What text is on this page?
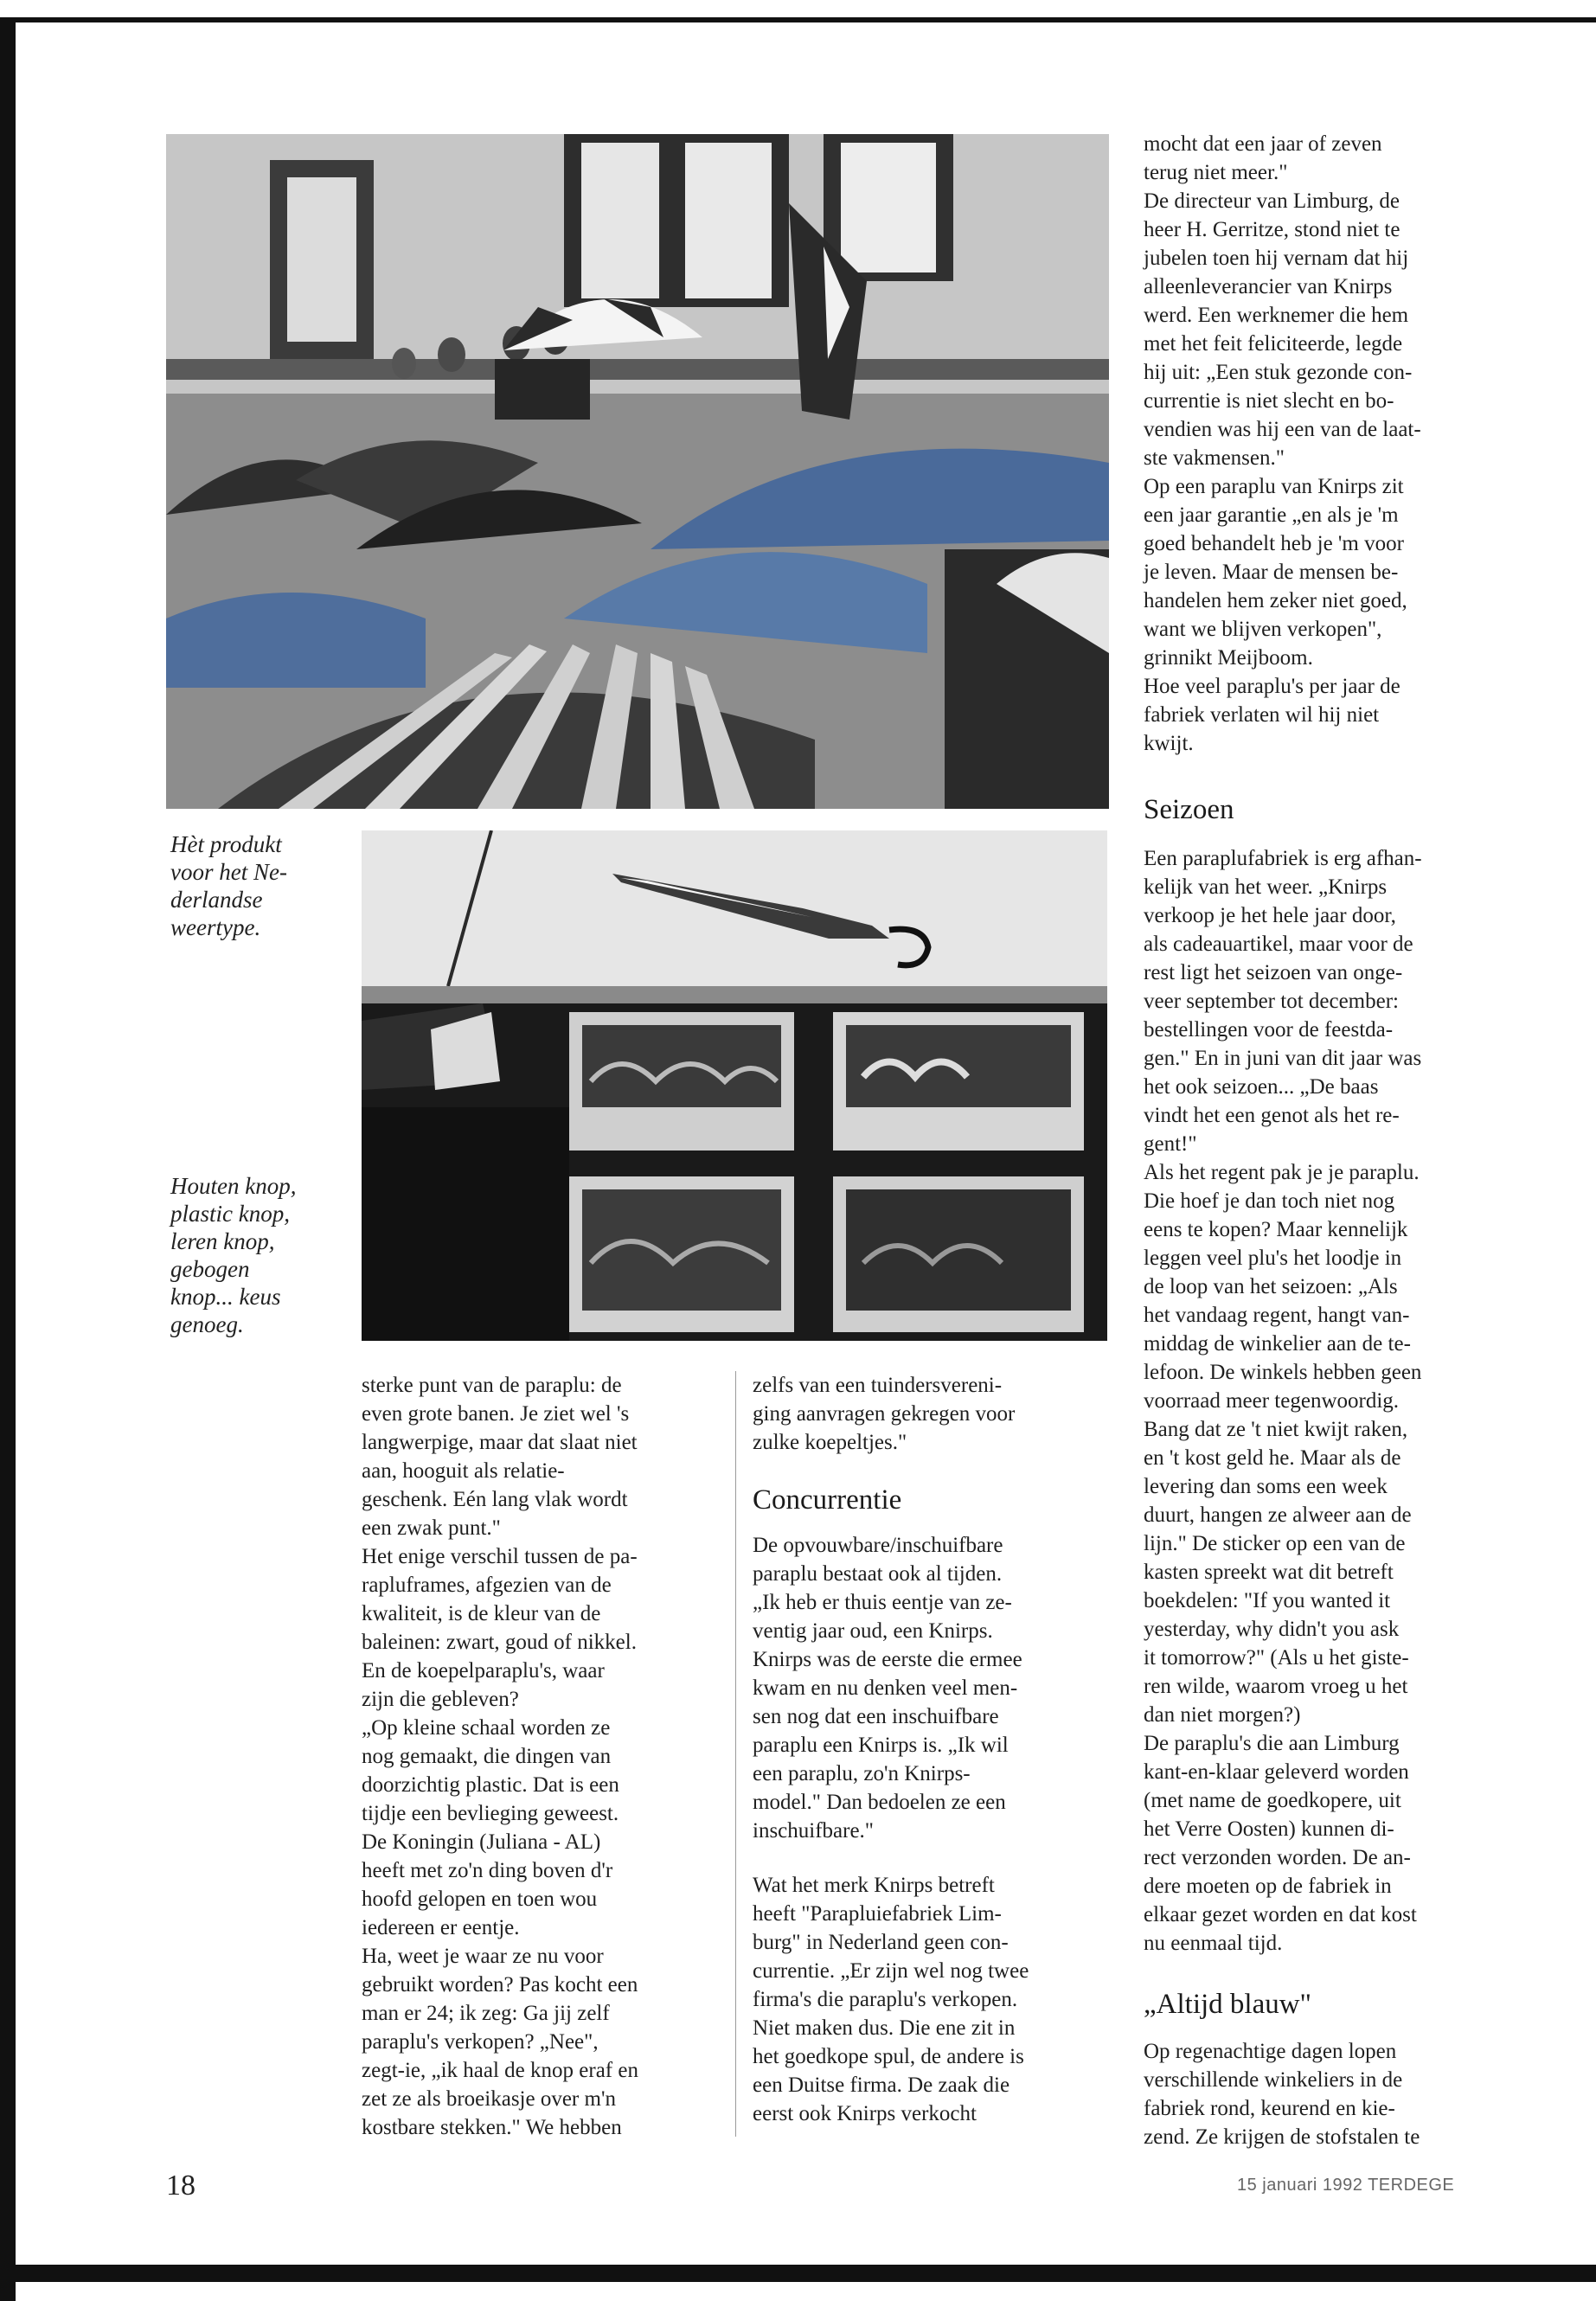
Hèt produkt
voor het Ne-
derlandse
weertype.
Houten knop,
plastic knop,
leren knop,
gebogen
knop... keus
genoeg.

sterke punt van de paraplu: de
even grote banen. Je ziet wel 's
langwerpige, maar dat slaat niet
aan, hooguit als relatie-
geschenk. Eén lang vlak wordt
een zwak punt."
Het enige verschil tussen de pa-
rapluframes, afgezien van de
kwaliteit, is de kleur van de
baleinen: zwart, goud of nikkel.
En de koepelparaplu's, waar
zijn die gebleven?
„Op kleine schaal worden ze
nog gemaakt, die dingen van
doorzichtig plastic. Dat is een
tijdje een bevlieging geweest.
De Koningin (Juliana - AL)
heeft met zo'n ding boven d'r
hoofd gelopen en toen wou
iedereen er eentje.
Ha, weet je waar ze nu voor
gebruikt worden? Pas kocht een
man er 24; ik zeg: Ga jij zelf
paraplu's verkopen? „Nee",
zegt-ie, „ik haal de knop eraf en
zet ze als broeikasje over m'n
kostbare stekken." We hebben

zelfs van een tuindersvereni-
ging aanvragen gekregen voor
zulke koepeltjes."

Concurrentie

De opvouwbare/inschuifbare
paraplu bestaat ook al tijden.
„Ik heb er thuis eentje van ze-
ventig jaar oud, een Knirps.
Knirps was de eerste die ermee
kwam en nu denken veel men-
sen nog dat een inschuifbare
paraplu een Knirps is. „Ik wil
een paraplu, zo'n Knirps-
model." Dan bedoelen ze een
inschuifbare."

Wat het merk Knirps betreft
heeft "Parapluiefabriek Lim-
burg" in Nederland geen con-
currentie. „Er zijn wel nog twee
firma's die paraplu's verkopen.
Niet maken dus. Die ene zit in
het goedkope spul, de andere is
een Duitse firma. De zaak die
eerst ook Knirps verkocht

mocht dat een jaar of zeven
terug niet meer."
De directeur van Limburg, de
heer H. Gerritze, stond niet te
jubelen toen hij vernam dat hij
alleenleverancier van Knirps
werd. Een werknemer die hem
met het feit feliciteerde, legde
hij uit: „Een stuk gezonde con-
currentie is niet slecht en bo-
vendien was hij een van de laat-
ste vakmensen."
Op een paraplu van Knirps zit
een jaar garantie „en als je 'm
goed behandelt heb je 'm voor
je leven. Maar de mensen be-
handelen hem zeker niet goed,
want we blijven verkopen",
grinnikt Meijboom.
Hoe veel paraplu's per jaar de
fabriek verlaten wil hij niet
kwijt.

Seizoen

Een paraplufabriek is erg afhan-
kelijk van het weer. „Knirps
verkoop je het hele jaar door,
als cadeauartikel, maar voor de
rest ligt het seizoen van onge-
veer september tot december:
bestellingen voor de feestda-
gen." En in juni van dit jaar was
het ook seizoen... „De baas
vindt het een genot als het re-
gent!"
Als het regent pak je je paraplu.
Die hoef je dan toch niet nog
eens te kopen? Maar kennelijk
leggen veel plu's het loodje in
de loop van het seizoen: „Als
het vandaag regent, hangt van-
middag de winkelier aan de te-
lefoon. De winkels hebben geen
voorraad meer tegenwoordig.
Bang dat ze 't niet kwijt raken,
en 't kost geld he. Maar als de
levering dan soms een week
duurt, hangen ze alweer aan de
lijn." De sticker op een van de
kasten spreekt wat dit betreft
boekdelen: "If you wanted it
yesterday, why didn't you ask
it tomorrow?" (Als u het giste-
ren wilde, waarom vroeg u het
dan niet morgen?)
De paraplu's die aan Limburg
kant-en-klaar geleverd worden
(met name de goedkopere, uit
het Verre Oosten) kunnen di-
rect verzonden worden. De an-
dere moeten op de fabriek in
elkaar gezet worden en dat kost
nu eenmaal tijd.

„Altijd blauw"

Op regenachtige dagen lopen
verschillende winkeliers in de
fabriek rond, keurend en kie-
zend. Ze krijgen de stofstalen te

18	15 januari 1992 TERDEGE
